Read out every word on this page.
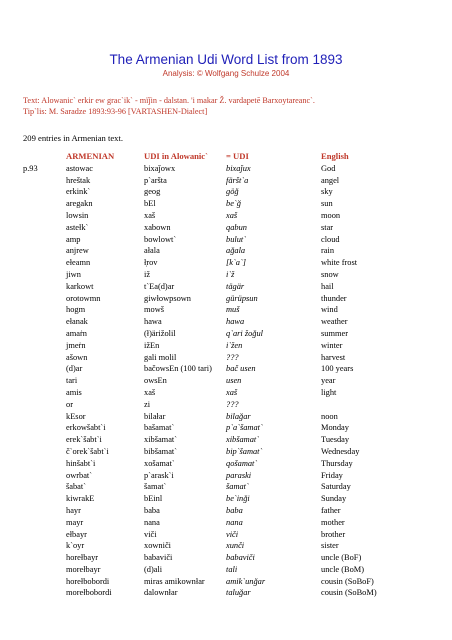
The Armenian Udi Word List from 1893
Analysis: © Wolfgang Schulze 2004
Text: Alowanic` erkir ew grac`ik` - mïǰin - dalstan. 'i makar Ž. vardapetē Barxoytareanc`.
Tip`lis: M. Saradze 1893:93-96 [VARTASHEN-Dialect]
209 entries in Armenian text.
	ARMENIAN	UDI in Alowanic`	= UDI	English
p.93	astowac	bixaǰowx	bixaǰux	God
	hreštak	p`aršta	färšt`a	angel
	erkink`	geog	göğ	sky
	aregakn	bEl	be`ğ	sun
	lowsin	xaš	xaš	moon
	astełk`	xabown	qabun	star
	amp	bowlowt`	bulut`	cloud
	anjrew	ałala	ağala	rain
	ełeamn	ł̣rov	[k`a`]	white frost
	jiwn	iž	i`ž	snow
	karkowt	t`Ea(d)ar	tägär	hail
	orotowmn	giwłowpsown	gürüpsun	thunder
	hogm	mowš	muš	wind
	ełanak	hawa	hawa	weather
	amaṙn	(ł)ärižolil	q`ari žoğul	summer
	jmeṙn	ižEn	i`žen	winter
	ašown	gali molil	???	harvest
	(d)ar	bačowsEn (100 tari)	bač usen	100 years
	tari	owsEn	usen	year
	amis	xaš	xaš	light
	or	zi	???	
	kEsor	bilałar	bilağar	noon
	erkowšabt`i	bašamat`	p`a`šamat`	Monday
	erek`šabt`i	xibšamat`	xibšamat`	Tuesday
	č`orek`šabt`i	bibšamat`	bip`šamat`	Wednesday
	hinšabt`i	xošamat`	qošamat`	Thursday
	owrbat`	p`arask`i	paraski	Friday
	šabat`	šamat`	šamat`	Saturday
	kiwrakE	bEinl	be`inği	Sunday
	hayr	baba	baba	father
	mayr	nana	nana	mother
	ełbayr	viči	viči	brother
	k`oyr	xowniči	xunči	sister
	horełbayr	babaviči	babaviči	uncle (BoF)
	morełbayr	(d)ali	tali	uncle (BoM)
	horełbobordi	miras amikownłar	amik`unğar	cousin (SoBoF)
	morełbobordi	dalownłar	taluğar	cousin (SoBoM)
